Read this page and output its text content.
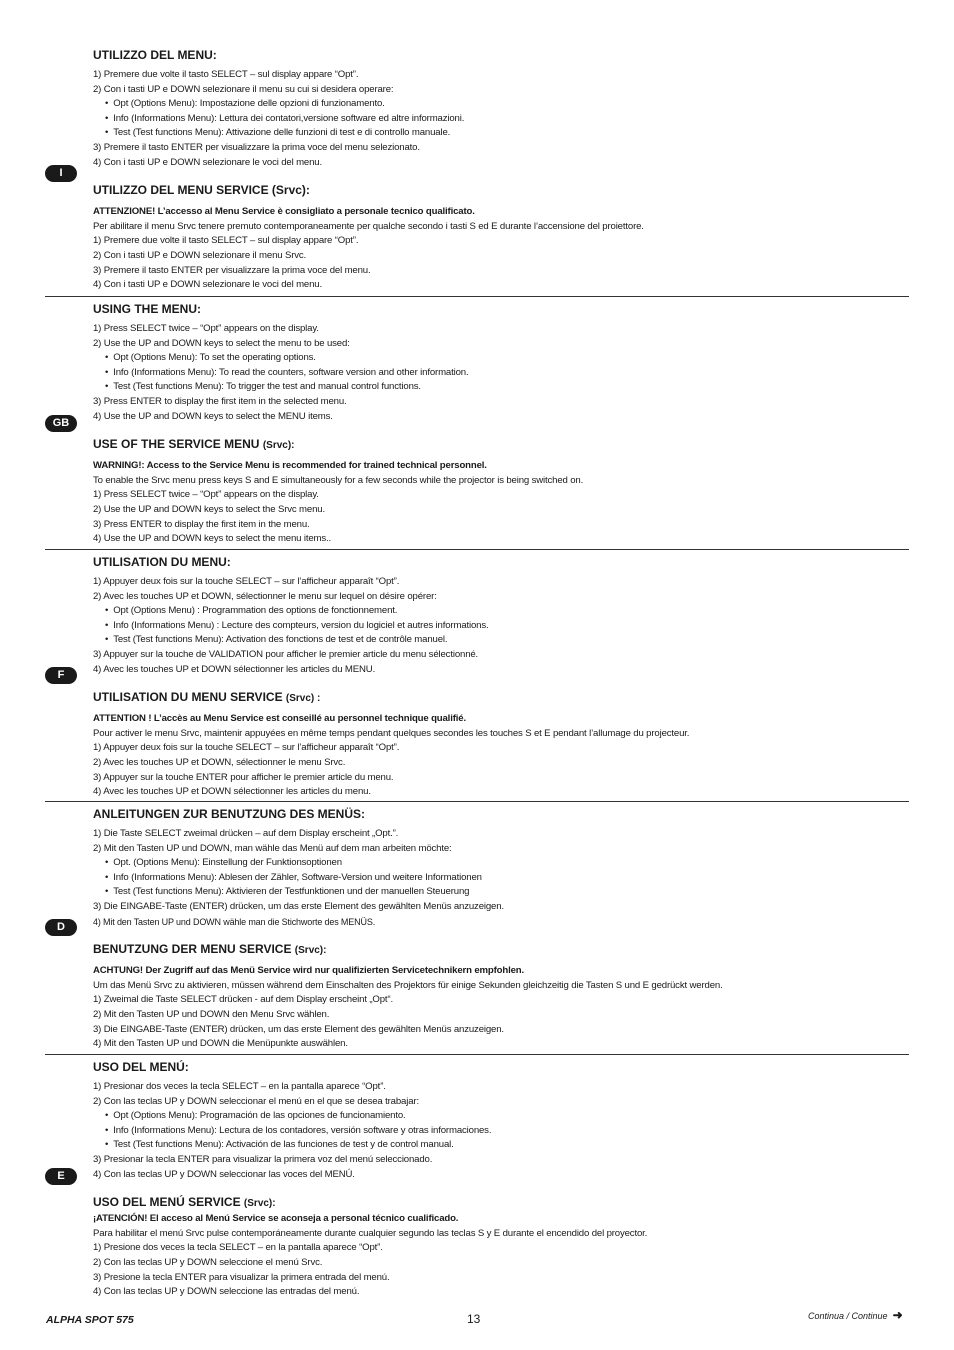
I
UTILIZZO DEL MENU:
1) Premere due volte il tasto SELECT – sul display appare “Opt”.
2) Con i tasti UP e DOWN selezionare il menu su cui si desidera operare:
• Opt (Options Menu): Impostazione delle opzioni di funzionamento.
• Info (Informations Menu): Lettura dei contatori,versione software ed altre informazioni.
• Test (Test functions Menu): Attivazione delle funzioni di test e di controllo manuale.
3) Premere il tasto ENTER per visualizzare la prima voce del menu selezionato.
4) Con i tasti UP e DOWN selezionare le voci del menu.
UTILIZZO DEL MENU SERVICE (Srvc):
ATTENZIONE! L’accesso al Menu Service è consigliato a personale tecnico qualificato.
Per abilitare il menu Srvc tenere premuto contemporaneamente per qualche secondo i tasti S ed E durante l’accensione del proiettore.
1) Premere due volte il tasto SELECT – sul display appare “Opt”.
2) Con i tasti UP e DOWN selezionare il menu Srvc.
3) Premere il tasto ENTER per visualizzare la prima voce del menu.
4) Con i tasti UP e DOWN selezionare le voci del menu.
GB
USING THE MENU:
1) Press SELECT twice – “Opt” appears on the display.
2) Use the UP and DOWN keys to select the menu to be used:
• Opt (Options Menu): To set the operating options.
• Info (Informations Menu): To read the counters, software version and other information.
• Test (Test functions Menu): To trigger the test and manual control functions.
3) Press ENTER to display the first item in the selected menu.
4) Use the UP and DOWN keys to select the MENU items.
USE OF THE SERVICE MENU (Srvc):
WARNING!: Access to the Service Menu is recommended for trained technical personnel.
To enable the Srvc menu press keys S and E simultaneously for a few seconds while the projector is being switched on.
1) Press SELECT twice – “Opt” appears on the display.
2) Use the UP and DOWN keys to select the Srvc menu.
3) Press ENTER to display the first item in the menu.
4) Use the UP and DOWN keys to select the menu items..
F
UTILISATION DU MENU:
1) Appuyer deux fois sur la touche SELECT – sur l’afficheur apparaît “Opt”.
2) Avec les touches UP et DOWN, sélectionner le menu sur lequel on désire opérer:
• Opt (Options Menu) : Programmation des options de fonctionnement.
• Info (Informations Menu) : Lecture des compteurs, version du logiciel et autres informations.
• Test (Test functions Menu): Activation des fonctions de test et de contrôle manuel.
3) Appuyer sur la touche de VALIDATION pour afficher le premier article du menu sélectionné.
4) Avec les touches UP et DOWN sélectionner les articles du MENU.
UTILISATION DU MENU SERVICE (Srvc) :
ATTENTION ! L’accès au Menu Service est conseillé au personnel technique qualifié.
Pour activer le menu Srvc, maintenir appuyées en même temps pendant quelques secondes les touches S et E pendant l’allumage du projecteur.
1) Appuyer deux fois sur la touche SELECT – sur l’afficheur apparaît “Opt”.
2) Avec les touches UP et DOWN, sélectionner le menu Srvc.
3) Appuyer sur la touche ENTER pour afficher le premier article du menu.
4) Avec les touches UP et DOWN sélectionner les articles du menu.
D
ANLEITUNGEN ZUR BENUTZUNG DES MENÜS:
1) Die Taste SELECT zweimal drücken – auf dem Display erscheint „Opt.”.
2) Mit den Tasten UP und DOWN, man wähle das Menü auf dem man arbeiten möchte:
• Opt. (Options Menu): Einstellung der Funktionsoptionen
• Info (Informations Menu): Ablesen der Zähler, Software-Version und weitere Informationen
• Test (Test functions Menu): Aktivieren der Testfunktionen und der manuellen Steuerung
3) Die EINGABE-Taste (ENTER) drücken, um das erste Element des gewählten Menüs anzuzeigen.
4) Mit den Tasten UP und DOWN wähle man die Stichworte des MENÜS.
BENUTZUNG DER MENU SERVICE (Srvc):
ACHTUNG! Der Zugriff auf das Menü Service wird nur qualifizierten Servicetechnikern empfohlen.
Um das Menü Srvc zu aktivieren, müssen während dem Einschalten des Projektors für einige Sekunden gleichzeitig die Tasten S und E gedrückt werden.
1) Zweimal die Taste SELECT drücken - auf dem Display erscheint „Opt“.
2) Mit den Tasten UP und DOWN den Menu Srvc wählen.
3) Die EINGABE-Taste (ENTER) drücken, um das erste Element des gewählten Menüs anzuzeigen.
4) Mit den Tasten UP und DOWN die Menüpunkte auswählen.
E
USO DEL MENÚ:
1) Presionar dos veces la tecla SELECT – en la pantalla aparece “Opt”.
2) Con las teclas UP y DOWN seleccionar el menú en el que se desea trabajar:
• Opt (Options Menu): Programación de las opciones de funcionamiento.
• Info (Informations Menu): Lectura de los contadores, versión software y otras informaciones.
• Test (Test functions Menu): Activación de las funciones de test y de control manual.
3) Presionar la tecla ENTER para visualizar la primera voz del menú seleccionado.
4) Con las teclas UP y DOWN seleccionar las voces del MENÚ.
USO DEL MENÚ SERVICE (Srvc):
¡ATENCIÓN! El acceso al Menú Service se aconseja a personal técnico cualificado.
Para habilitar el menú Srvc pulse contemporáneamente durante cualquier segundo las teclas S y E durante el encendido del proyector.
1) Presione dos veces la tecla SELECT – en la pantalla aparece “Opt”.
2) Con las teclas UP y DOWN seleccione el menú Srvc.
3) Presione la tecla ENTER para visualizar la primera entrada del menú.
4) Con las teclas UP y DOWN seleccione las entradas del menú.
ALPHA SPOT 575	13	Continua / Continue ➜
